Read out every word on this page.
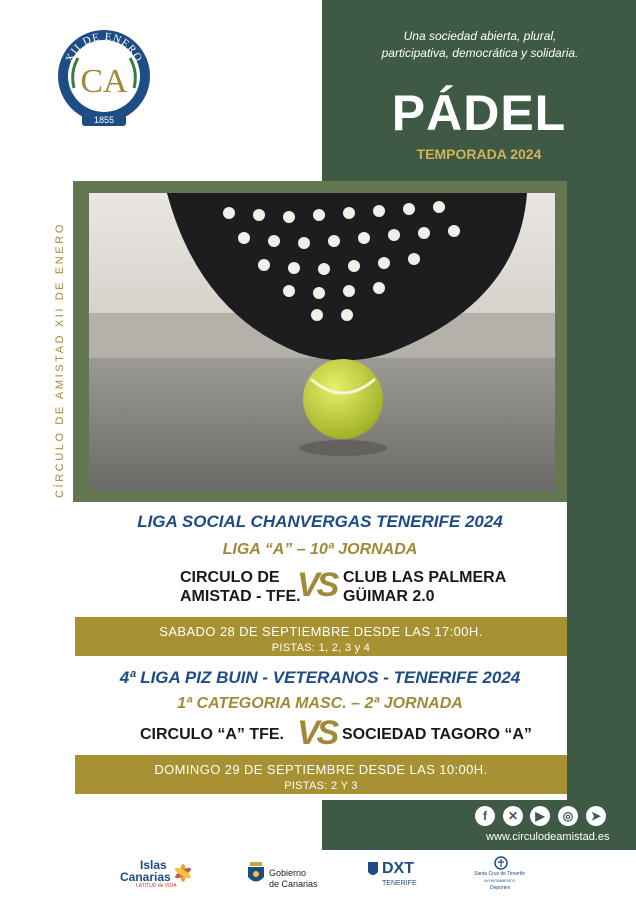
Una sociedad abierta, plural,
participativa, democrática y solidaria.
PÁDEL
TEMPORADA 2024
XII DE ENERO
CA
1855
CÍRCULO DE AMISTAD XII DE ENERO
LIGA SOCIAL CHANVERGAS TENERIFE 2024
LIGA “A” – 10ª JORNADA
CIRCULO DE
AMISTAD - TFE.
VS CLUB LAS PALMERA
GÜIMAR 2.0
SABADO 28 DE SEPTIEMBRE DESDE LAS 17:00H.
PISTAS: 1, 2, 3 y 4
4ª LIGA PIZ BUIN - VETERANOS - TENERIFE 2024
1ª CATEGORIA MASC. – 2ª JORNADA
CIRCULO “A” TFE. VS SOCIEDAD TAGORO “A”
DOMINGO 29 DE SEPTIEMBRE DESDE LAS 10:00H.
PISTAS: 2 Y 3
f	✕	▶	◎	➤
www.circulodeamistad.es
Islas
Canarias
LATITUD de VIDA
Gobierno
de Canarias
DXT
TENERIFE
Santa Cruz de Tenerife
AYUNTAMIENTO
Deportes
